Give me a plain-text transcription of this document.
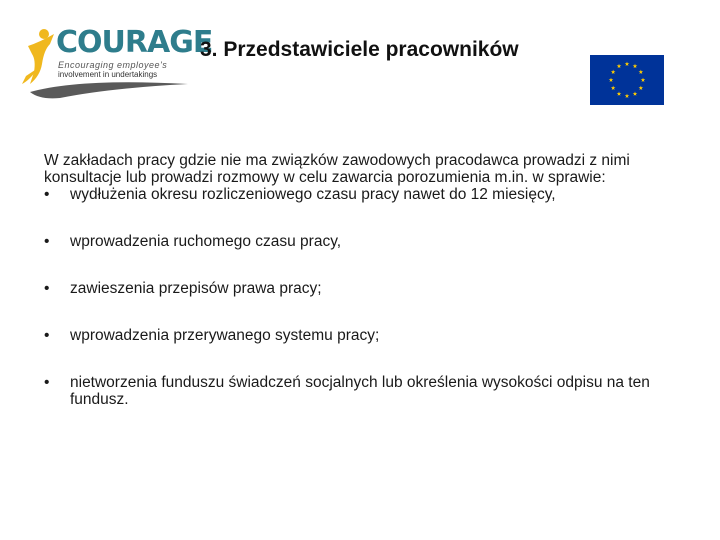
COURAGE
Encouraging employee's
involvement in undertakings
3. Przedstawiciele pracowników

W zakładach pracy gdzie nie ma związków zawodowych pracodawca prowadzi z nimi konsultacje lub prowadzi rozmowy w celu zawarcia porozumienia m.in. w sprawie:

• wydłużenia okresu rozliczeniowego czasu pracy nawet do 12 miesięcy,
• wprowadzenia ruchomego czasu pracy,
• zawieszenia przepisów prawa pracy;
• wprowadzenia przerywanego systemu pracy;
• nietworzenia funduszu świadczeń socjalnych lub określenia wysokości odpisu na ten fundusz.
